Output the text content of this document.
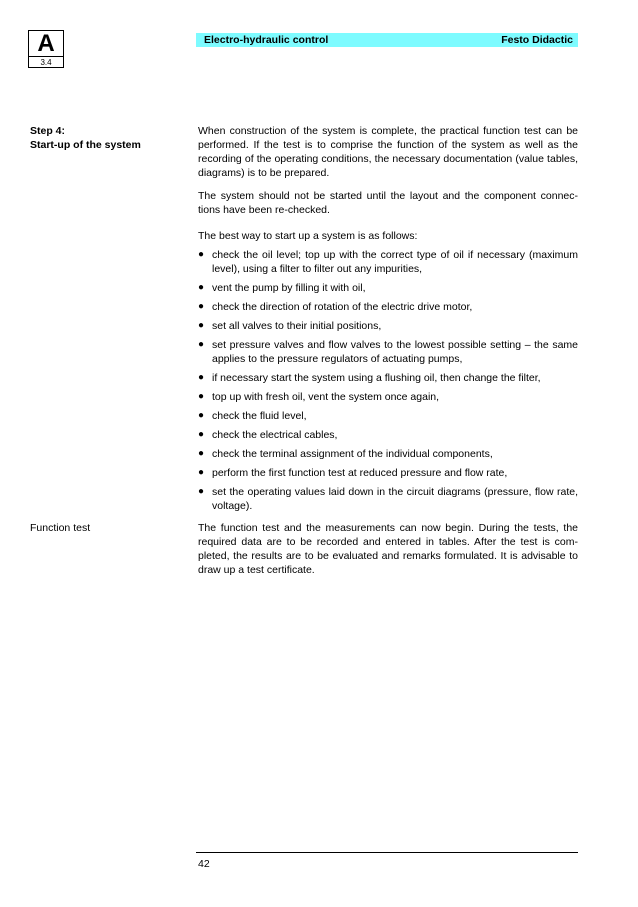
A
3.4
Electro-hydraulic control	Festo Didactic
Step 4:
Start-up of the system
When construction of the system is complete, the practical function test can be performed. If the test is to comprise the function of the system as well as the recording of the operating conditions, the necessary documentation (value tables, diagrams) is to be prepared.
The system should not be started until the layout and the component connec-tions have been re-checked.
The best way to start up a system is as follows:
● check the oil level; top up with the correct type of oil if necessary (maximum level), using a filter to filter out any impurities,
● vent the pump by filling it with oil,
● check the direction of rotation of the electric drive motor,
● set all valves to their initial positions,
● set pressure valves and flow valves to the lowest possible setting – the same applies to the pressure regulators of actuating pumps,
● if necessary start the system using a flushing oil, then change the filter,
● top up with fresh oil, vent the system once again,
● check the fluid level,
● check the electrical cables,
● check the terminal assignment of the individual components,
● perform the first function test at reduced pressure and flow rate,
● set the operating values laid down in the circuit diagrams (pressure, flow rate, voltage).
Function test	The function test and the measurements can now begin. During the tests, the required data are to be recorded and entered in tables. After the test is com-pleted, the results are to be evaluated and remarks formulated. It is advisable to draw up a test certificate.
42
